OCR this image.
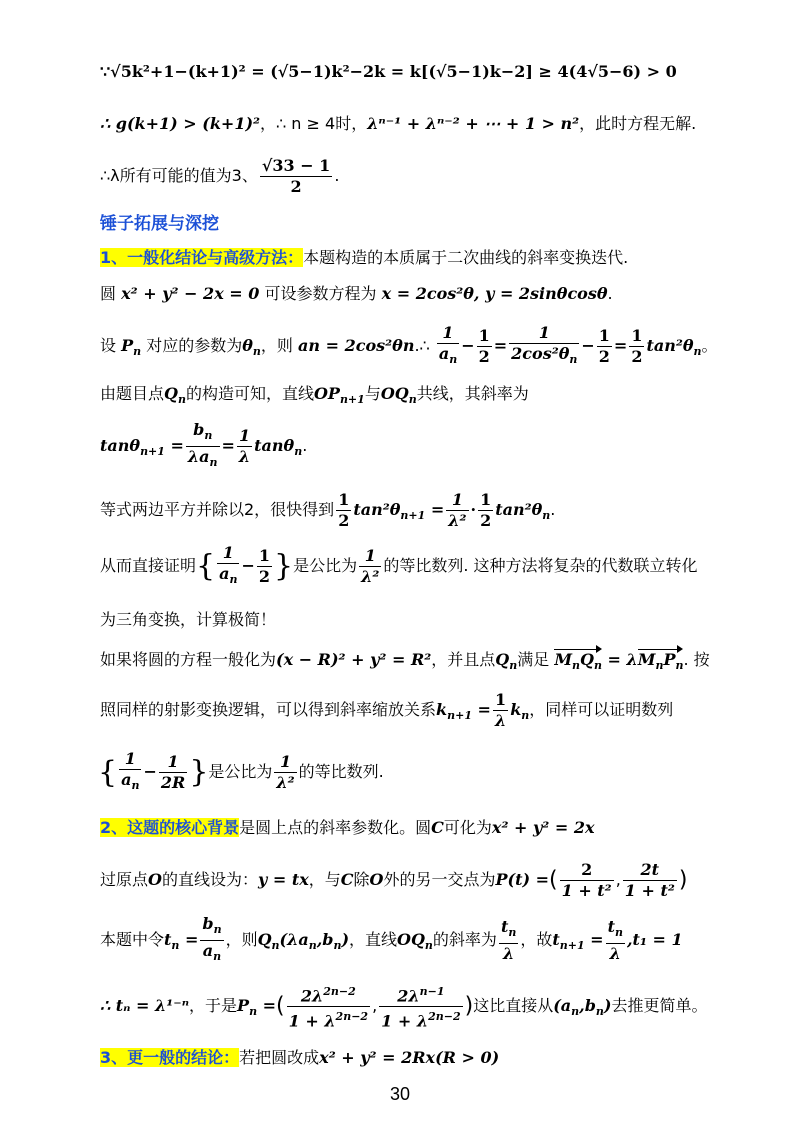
∵√5k²+1−(k+1)² = (√5−1)k²−2k = k[(√5−1)k−2] ≥ 4(4√5−6) > 0
∴ g(k+1) > (k+1)²，∴ n ≥ 4时，λⁿ⁻¹ + λⁿ⁻² + ⋯ + 1 > n²，此时方程无解.
∴λ所有可能的值为3、 $\frac{√33 - 1}{2}$ .
锤子拓展与深挖
1、一般化结论与高级方法：本题构造的本质属于二次曲线的斜率变换迭代.
圆 x² + y² − 2x = 0 可设参数方程为 x = 2cos²θ, y = 2sinθcosθ.
设 $P_n$ 对应的参数为$\theta_n$，则 an = 2cos²θn.∴ $\frac{1}{a_n} - \frac{1}{2} = \frac{1}{2\cos^2\theta_n} - \frac{1}{2} = \frac{1}{2} \tan^2\theta_n$。
由题目点$Q_n$的构造可知，直线$OP_{n+1}$与$OQ_n$共线，其斜率为
$\tan\theta_{n+1} = \frac{b_n}{\lambda a_n} = \frac{1}{\lambda} \tan\theta_n$.
等式两边平方并除以2，很快得到 $\frac{1}{2} \tan^2\theta_{n+1} = \frac{1}{\text{λ²}} \cdot \frac{1}{2} \tan^2\theta_n$.
从而直接证明{ $\frac{1}{a_n} - \frac{1}{2}$ }是公比为 $\frac{1}{\text{λ²}}$ 的等比数列. 这种方法将复杂的代数联立转化
为三角变换，计算极简！
如果将圆的方程一般化为(x − R)² + y² = R²，并且点$Q_n$满足 $M_nQ_n = \lambda M_nP_n$. 按
照同样的射影变换逻辑，可以得到斜率缩放关系$k_{n+1} = \frac{1}{\lambda} k_n$，同样可以证明数列
{ $\frac{1}{a_n} - \frac{1}{2R}$ }是公比为 $\frac{1}{\text{λ²}}$ 的等比数列.
2、这题的核心背景是圆上点的斜率参数化。圆C可化为x² + y² = 2x
过原点O的直线设为：y = tx，与C除O外的另一交点为P(t) =( $\frac{2}{\text{1 + t²}}$ , $\frac{2t}{\text{1 + t²}}$ )
本题中令$t_n = \frac{b_n}{a_n}$ ，则$Q_n(\lambda a_n,b_n)$，直线$OQ_n$的斜率为 $\frac{t_n}{\lambda}$ ，故$t_{n+1} = \frac{t_n}{\lambda} ,t_1 = 1$
∴ tₙ = λ¹⁻ⁿ，于是$P_n$ =( $\frac{2\lambda^{2n-2}}{1 + \lambda^{2n-2}}$ , $\frac{2\lambda^{n-1}}{1 + \lambda^{2n-2}}$ )这比直接从$(a_n,b_n)$去推更简单。
3、更一般的结论：若把圆改成x² + y² = 2Rx(R > 0)
30
